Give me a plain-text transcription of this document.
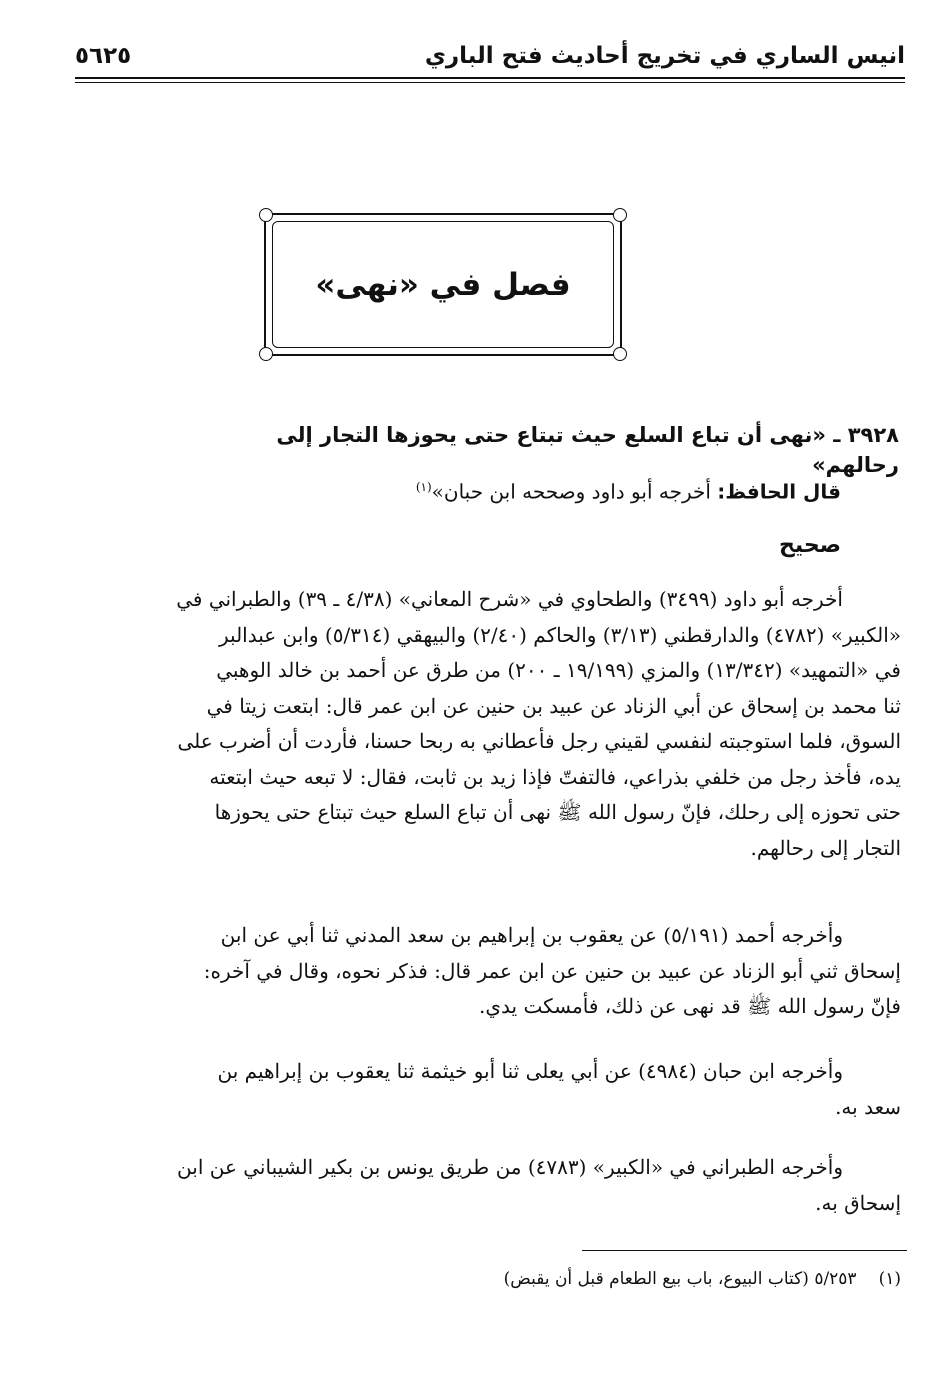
انيس الساري في تخريج أحاديث فتح الباري
٥٦٢٥
فصل في «نهى»
٣٩٢٨ ـ «نهى أن تباع السلع حيث تبتاع حتى يحوزها التجار إلى
رحالهم»
قال الحافظ: أخرجه أبو داود وصححه ابن حبان»$^{(١)}$
صحيح
أخرجه أبو داود (٣٤٩٩) والطحاوي في «شرح المعاني» (٤/٣٨ ـ ٣٩) والطبراني في
«الكبير» (٤٧٨٢) والدارقطني (٣/١٣) والحاكم (٢/٤٠) والبيهقي (٥/٣١٤) وابن عبدالبر
في «التمهيد» (١٣/٣٤٢) والمزي (١٩/١٩٩ ـ ٢٠٠) من طرق عن أحمد بن خالد الوهبي
ثنا محمد بن إسحاق عن أبي الزناد عن عبيد بن حنين عن ابن عمر قال: ابتعت زيتا في
السوق، فلما استوجبته لنفسي لقيني رجل فأعطاني به ربحا حسنا، فأردت أن أضرب على
يده، فأخذ رجل من خلفي بذراعي، فالتفتّ فإذا زيد بن ثابت، فقال: لا تبعه حيث ابتعته
حتى تحوزه إلى رحلك، فإنّ رسول الله ﷺ نهى أن تباع السلع حيث تبتاع حتى يحوزها
التجار إلى رحالهم.
وأخرجه أحمد (٥/١٩١) عن يعقوب بن إبراهيم بن سعد المدني ثنا أبي عن ابن
إسحاق ثني أبو الزناد عن عبيد بن حنين عن ابن عمر قال: فذكر نحوه، وقال في آخره:
فإنّ رسول الله ﷺ قد نهى عن ذلك، فأمسكت يدي.
وأخرجه ابن حبان (٤٩٨٤) عن أبي يعلى ثنا أبو خيثمة ثنا يعقوب بن إبراهيم بن
سعد به.
وأخرجه الطبراني في «الكبير» (٤٧٨٣) من طريق يونس بن بكير الشيباني عن ابن
إسحاق به.
(١)٥/٢٥٣ (كتاب البيوع، باب بيع الطعام قبل أن يقبض)
